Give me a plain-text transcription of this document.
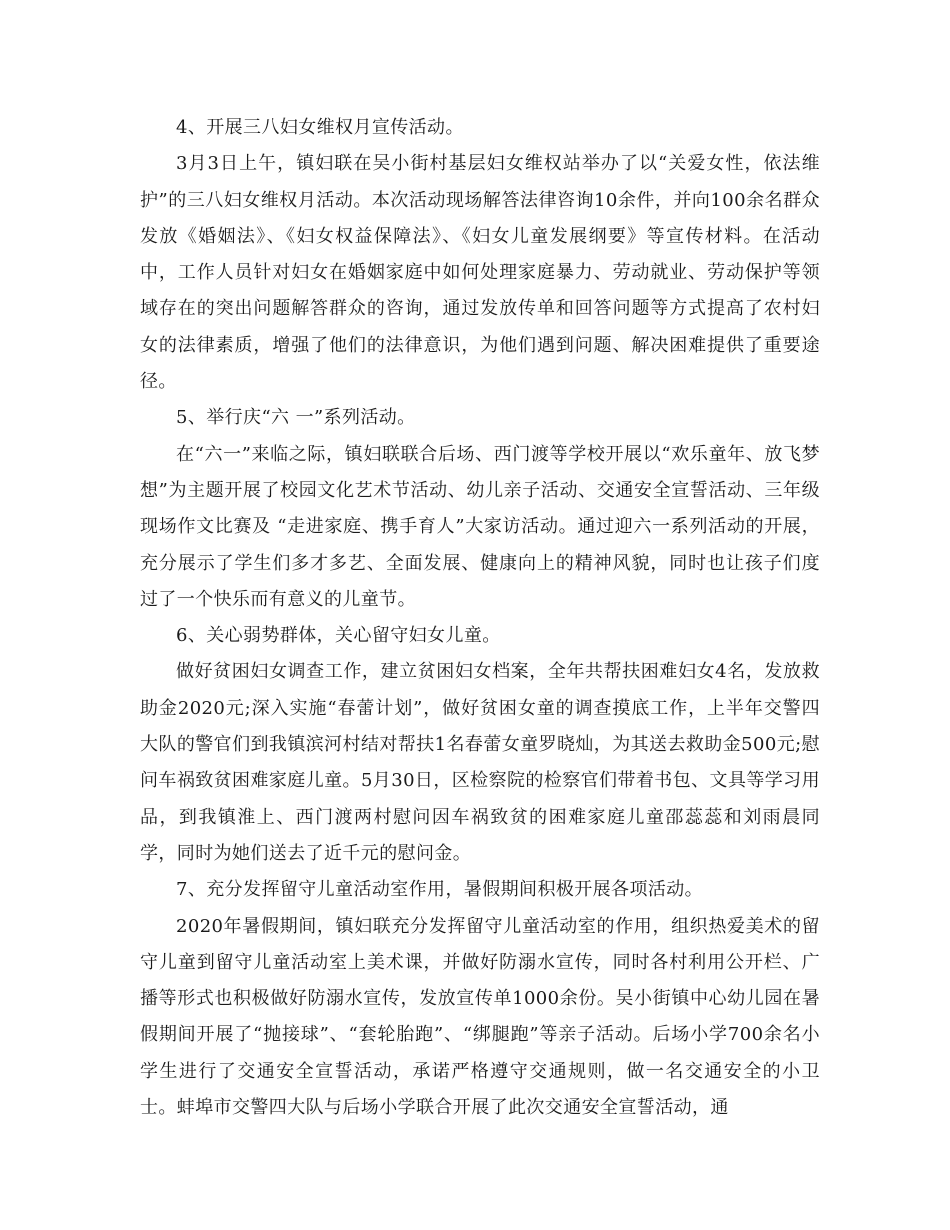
4、开展三八妇女维权月宣传活动。

3月3日上午，镇妇联在吴小街村基层妇女维权站举办了以“关爱女性，依法维护”的三八妇女维权月活动。本次活动现场解答法律咨询10余件，并向100余名群众发放《婚姻法》、《妇女权益保障法》、《妇女儿童发展纲要》等宣传材料。在活动中，工作人员针对妇女在婚姻家庭中如何处理家庭暴力、劳动就业、劳动保护等领域存在的突出问题解答群众的咨询，通过发放传单和回答问题等方式提高了农村妇女的法律素质，增强了他们的法律意识，为他们遇到问题、解决困难提供了重要途径。

5、举行庆“六 一”系列活动。

在“六一”来临之际，镇妇联联合后场、西门渡等学校开展以“欢乐童年、放飞梦想”为主题开展了校园文化艺术节活动、幼儿亲子活动、交通安全宣誓活动、三年级现场作文比赛及 “走进家庭、携手育人”大家访活动。通过迎六一系列活动的开展，充分展示了学生们多才多艺、全面发展、健康向上的精神风貌，同时也让孩子们度过了一个快乐而有意义的儿童节。

6、关心弱势群体，关心留守妇女儿童。

做好贫困妇女调查工作，建立贫困妇女档案，全年共帮扶困难妇女4名，发放救助金2020元;深入实施“春蕾计划”，做好贫困女童的调查摸底工作，上半年交警四大队的警官们到我镇滨河村结对帮扶1名春蕾女童罗晓灿，为其送去救助金500元;慰问车祸致贫困难家庭儿童。5月30日，区检察院的检察官们带着书包、文具等学习用品，到我镇淮上、西门渡两村慰问因车祸致贫的困难家庭儿童邵蕊蕊和刘雨晨同学，同时为她们送去了近千元的慰问金。

7、充分发挥留守儿童活动室作用，暑假期间积极开展各项活动。

2020年暑假期间，镇妇联充分发挥留守儿童活动室的作用，组织热爱美术的留守儿童到留守儿童活动室上美术课，并做好防溺水宣传，同时各村利用公开栏、广播等形式也积极做好防溺水宣传，发放宣传单1000余份。吴小街镇中心幼儿园在暑假期间开展了“抛接球”、“套轮胎跑”、“绑腿跑”等亲子活动。后场小学700余名小学生进行了交通安全宣誓活动，承诺严格遵守交通规则，做一名交通安全的小卫士。蚌埠市交警四大队与后场小学联合开展了此次交通安全宣誓活动，通
